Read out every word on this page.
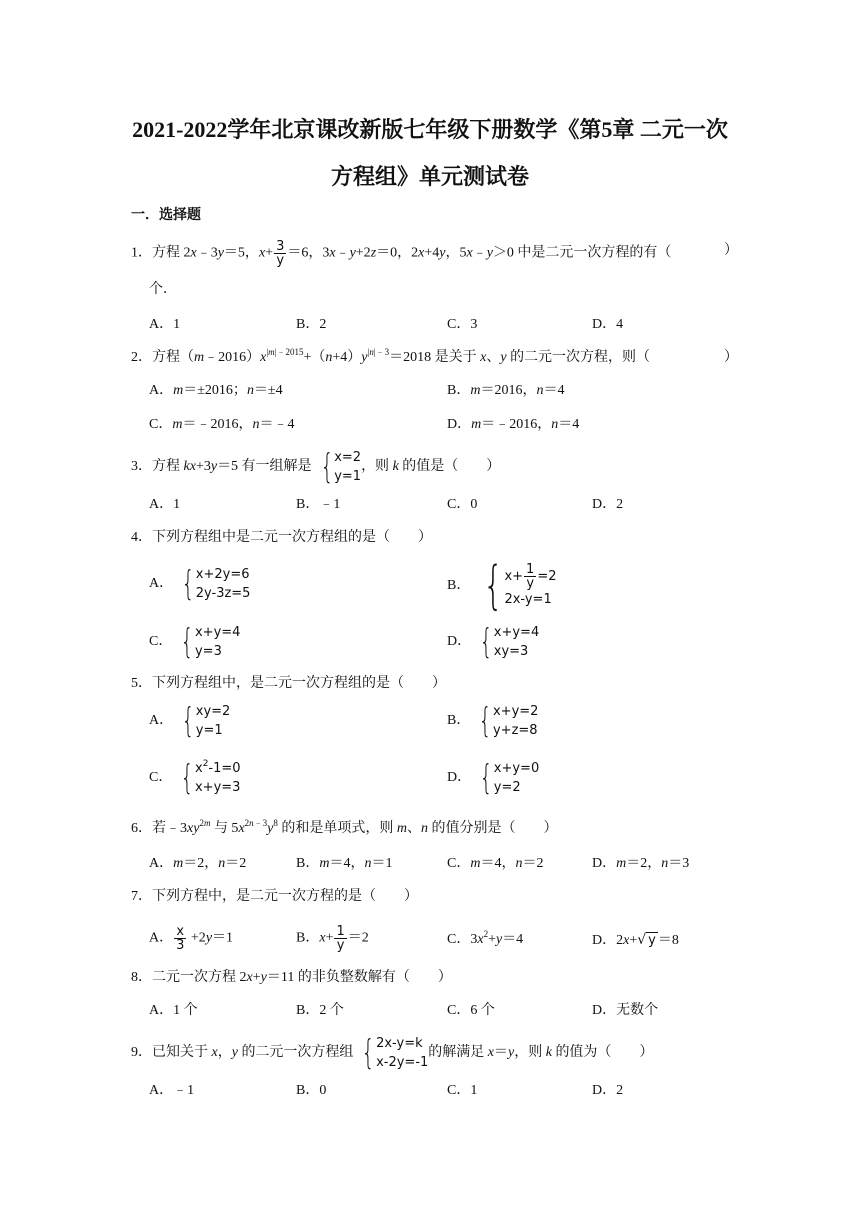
2021-2022学年北京课改新版七年级下册数学《第5章 二元一次
方程组》单元测试卷
一．选择题
1．方程 2x﹣3y＝5，$x+ \frac{3}{y} =6$，3x﹣y+2z＝0，2x+4y，5x﹣y＞0 中是二元一次方程的有（	）
个．
A．1	B．2	C．3	D．4
2．方程$(m﹣2016)x^{|m|﹣2015}+(n+4)y^{|n|﹣3}=2018$ 是关于 x、y 的二元一次方程，则（	）
A．m＝±2016；n＝±4	B．m＝2016，n＝4
C．m＝﹣2016，n＝﹣4	D．m＝﹣2016，n＝4
3．方程 kx+3y＝5 有一组解是 { x=2
y=1
，则 k 的值是（　　）
A．1	B．﹣1	C．0	D．2
4．下列方程组中是二元一次方程组的是（　　）
A． { x+2y=6
2y-3z=5
B． { $x+ \frac{1}{y} =2$
2x-y=1
C． { x+y=4
y=3
D． { x+y=4
xy=3
5．下列方程组中，是二元一次方程组的是（　　）
A． { xy=2
y=1
B． { x+y=2
y+z=8
C． { $x^2-1=0$
x+y=3
D． { x+y=0
y=2
6．若$﹣3xy^{2m}$ 与 $5x^{2n﹣3}y^8$ 的和是单项式，则 m、n 的值分别是（　　）
A．m＝2，n＝2	B．m＝4，n＝1	C．m＝4，n＝2	D．m＝2，n＝3
7．下列方程中，是二元一次方程的是（　　）
A． $\frac{x}{3} +2y=1$	B．$x+ \frac{1}{y} =2$	C．$3x^2+y=4$	D．2x+√ y ＝8
8．二元一次方程 2x+y＝11 的非负整数解有（　　）
A．1 个	B．2 个	C．6 个	D．无数个
9．已知关于 x，y 的二元一次方程组 { 2x-y=k
x-2y=-1
的解满足 x＝y，则 k 的值为（　　）
A．﹣1	B．0	C．1	D．2
